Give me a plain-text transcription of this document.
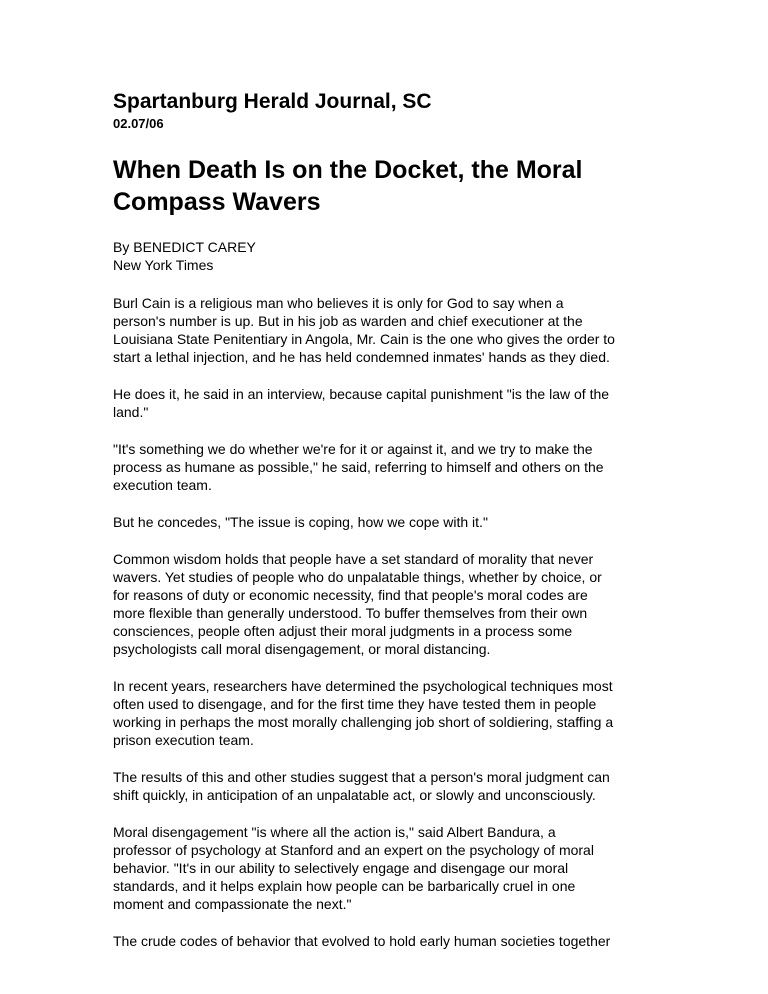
Spartanburg Herald Journal, SC
02.07/06
When Death Is on the Docket, the Moral
Compass Wavers
By BENEDICT CAREY
New York Times

Burl Cain is a religious man who believes it is only for God to say when a
person's number is up. But in his job as warden and chief executioner at the
Louisiana State Penitentiary in Angola, Mr. Cain is the one who gives the order to
start a lethal injection, and he has held condemned inmates' hands as they died.

He does it, he said in an interview, because capital punishment "is the law of the
land."

"It's something we do whether we're for it or against it, and we try to make the
process as humane as possible," he said, referring to himself and others on the
execution team.

But he concedes, "The issue is coping, how we cope with it."

Common wisdom holds that people have a set standard of morality that never
wavers. Yet studies of people who do unpalatable things, whether by choice, or
for reasons of duty or economic necessity, find that people's moral codes are
more flexible than generally understood. To buffer themselves from their own
consciences, people often adjust their moral judgments in a process some
psychologists call moral disengagement, or moral distancing.

In recent years, researchers have determined the psychological techniques most
often used to disengage, and for the first time they have tested them in people
working in perhaps the most morally challenging job short of soldiering, staffing a
prison execution team.

The results of this and other studies suggest that a person's moral judgment can
shift quickly, in anticipation of an unpalatable act, or slowly and unconsciously.

Moral disengagement "is where all the action is," said Albert Bandura, a
professor of psychology at Stanford and an expert on the psychology of moral
behavior. "It's in our ability to selectively engage and disengage our moral
standards, and it helps explain how people can be barbarically cruel in one
moment and compassionate the next."

The crude codes of behavior that evolved to hold early human societies together
